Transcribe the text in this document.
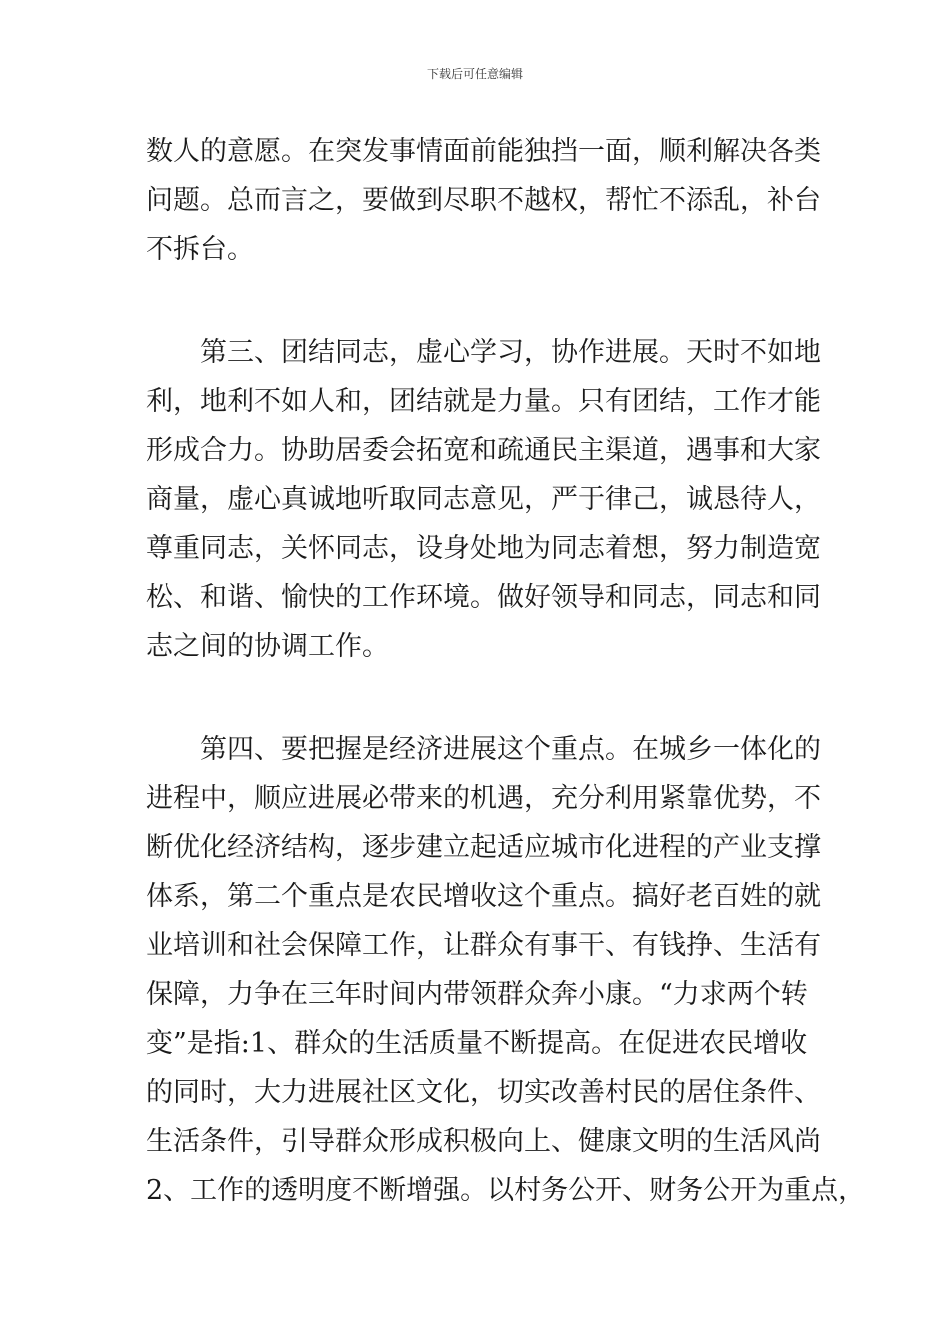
下载后可任意编辑
数人的意愿。在突发事情面前能独挡一面，顺利解决各类
问题。总而言之，要做到尽职不越权，帮忙不添乱，补台
不拆台。
　　第三、团结同志，虚心学习，协作进展。天时不如地
利，地利不如人和，团结就是力量。只有团结，工作才能
形成合力。协助居委会拓宽和疏通民主渠道，遇事和大家
商量，虚心真诚地听取同志意见，严于律己，诚恳待人，
尊重同志，关怀同志，设身处地为同志着想，努力制造宽
松、和谐、愉快的工作环境。做好领导和同志，同志和同
志之间的协调工作。
　　第四、要把握是经济进展这个重点。在城乡一体化的
进程中，顺应进展必带来的机遇，充分利用紧靠优势，不
断优化经济结构，逐步建立起适应城市化进程的产业支撑
体系，第二个重点是农民增收这个重点。搞好老百姓的就
业培训和社会保障工作，让群众有事干、有钱挣、生活有
保障，力争在三年时间内带领群众奔小康。“力求两个转
变”是指:1、群众的生活质量不断提高。在促进农民增收
的同时，大力进展社区文化，切实改善村民的居住条件、
生活条件，引导群众形成积极向上、健康文明的生活风尚
2、工作的透明度不断增强。以村务公开、财务公开为重点，
